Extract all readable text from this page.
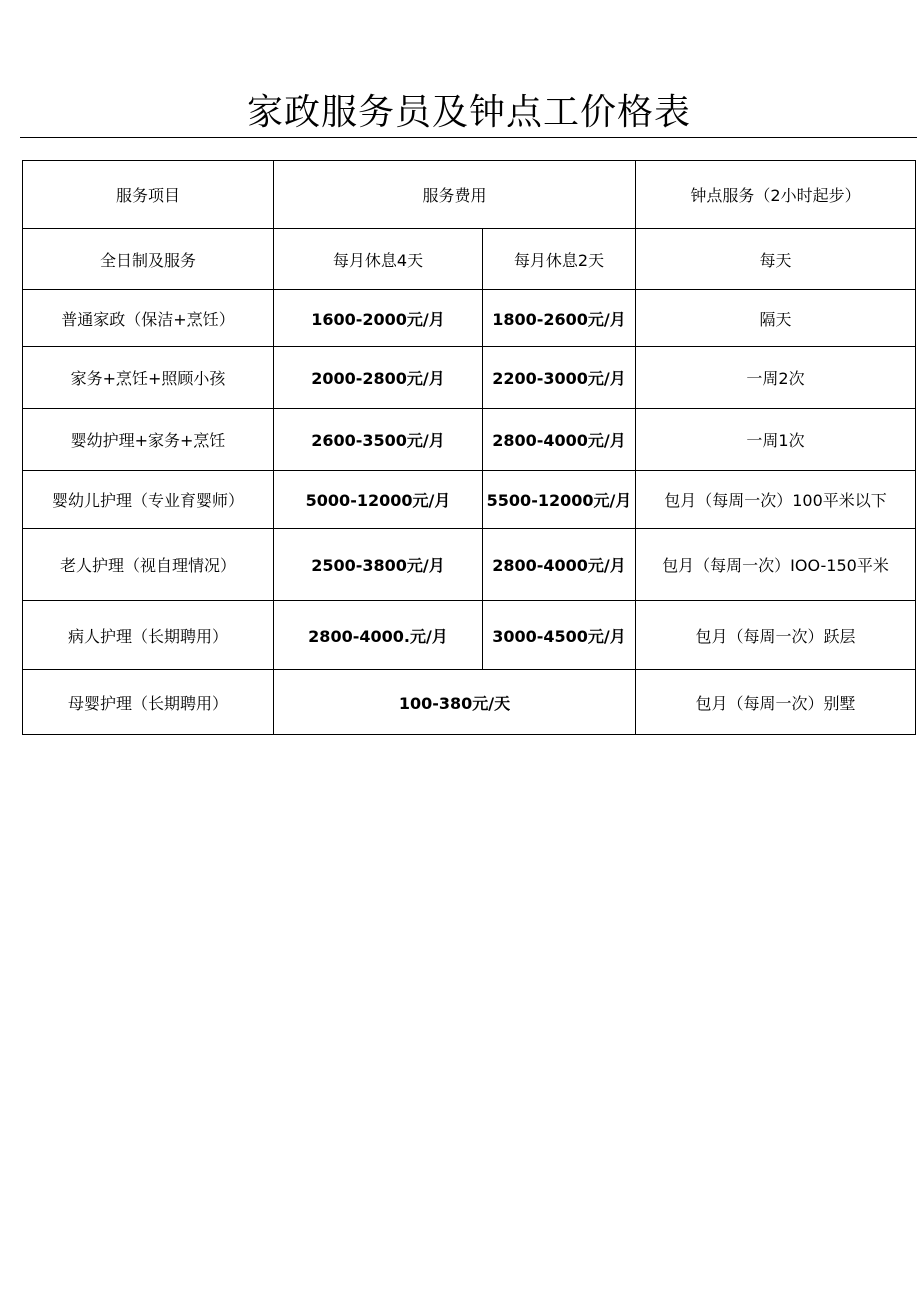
家政服务员及钟点工价格表
服务项目	服务费用		钟点服务（2小时起步）
全日制及服务	每月休息4天	每月休息2天	每天
普通家政（保洁+烹饪）	1600-2000元/月	1800-2600元/月	隔天
家务+烹饪+照顾小孩	2000-2800元/月	2200-3000元/月	一周2次
婴幼护理+家务+烹饪	2600-3500元/月	2800-4000元/月	一周1次
婴幼儿护理（专业育婴师）	5000-12000元/月	5500-12000元/月	包月（每周一次）100平米以下
老人护理（视自理情况）	2500-3800元/月	2800-4000元/月	包月（每周一次）IOO-150平米
病人护理（长期聘用）	2800-4000.元/月	3000-4500元/月	包月（每周一次）跃层
母婴护理（长期聘用）	100-380元/天		包月（每周一次）别墅
